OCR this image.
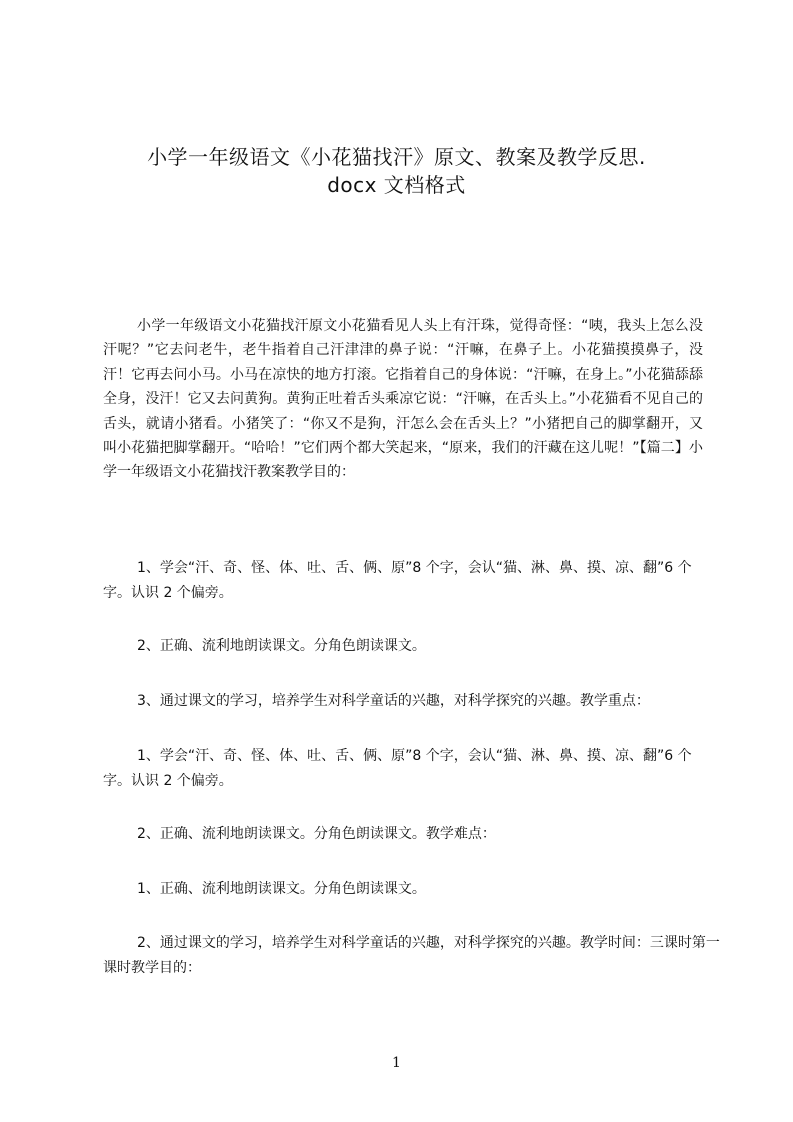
小学一年级语文《小花猫找汗》原文、教案及教学反思.
docx 文档格式

小学一年级语文小花猫找汗原文小花猫看见人头上有汗珠，觉得奇怪：“咦，我头上怎么没汗呢？”它去问老牛，老牛指着自己汗津津的鼻子说：“汗嘛，在鼻子上。小花猫摸摸鼻子，没汗！它再去问小马。小马在凉快的地方打滚。它指着自己的身体说：“汗嘛，在身上。”小花猫舔舔全身，没汗！它又去问黄狗。黄狗正吐着舌头乘凉它说：“汗嘛，在舌头上。”小花猫看不见自己的舌头，就请小猪看。小猪笑了：“你又不是狗，汗怎么会在舌头上？”小猪把自己的脚掌翻开，又叫小花猫把脚掌翻开。“哈哈！”它们两个都大笑起来，“原来，我们的汗藏在这儿呢！”【篇二】小学一年级语文小花猫找汗教案教学目的：

1、学会“汗、奇、怪、体、吐、舌、俩、原”8 个字，会认“猫、淋、鼻、摸、凉、翻”6 个字。认识 2 个偏旁。

2、正确、流利地朗读课文。分角色朗读课文。

3、通过课文的学习，培养学生对科学童话的兴趣，对科学探究的兴趣。教学重点：

1、学会“汗、奇、怪、体、吐、舌、俩、原”8 个字，会认“猫、淋、鼻、摸、凉、翻”6 个字。认识 2 个偏旁。

2、正确、流利地朗读课文。分角色朗读课文。教学难点：

1、正确、流利地朗读课文。分角色朗读课文。

2、通过课文的学习，培养学生对科学童话的兴趣，对科学探究的兴趣。教学时间：三课时第一课时教学目的：

1
